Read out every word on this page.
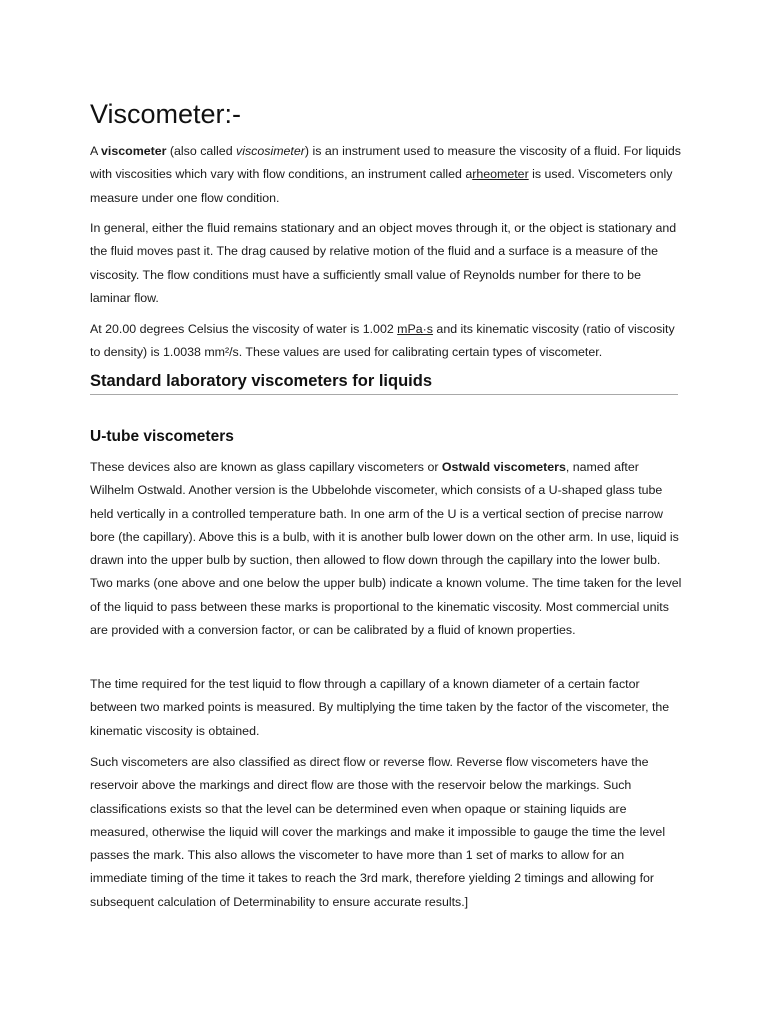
Viscometer:-

A viscometer (also called viscosimeter) is an instrument used to measure the viscosity of a fluid. For liquids with viscosities which vary with flow conditions, an instrument called arheometer is used. Viscometers only measure under one flow condition.

In general, either the fluid remains stationary and an object moves through it, or the object is stationary and the fluid moves past it. The drag caused by relative motion of the fluid and a surface is a measure of the viscosity. The flow conditions must have a sufficiently small value of Reynolds number for there to be laminar flow.

At 20.00 degrees Celsius the viscosity of water is 1.002 mPa·s and its kinematic viscosity (ratio of viscosity to density) is 1.0038 mm²/s. These values are used for calibrating certain types of viscometer.

Standard laboratory viscometers for liquids
U-tube viscometers

These devices also are known as glass capillary viscometers or Ostwald viscometers, named after Wilhelm Ostwald. Another version is the Ubbelohde viscometer, which consists of a U-shaped glass tube held vertically in a controlled temperature bath. In one arm of the U is a vertical section of precise narrow bore (the capillary). Above this is a bulb, with it is another bulb lower down on the other arm. In use, liquid is drawn into the upper bulb by suction, then allowed to flow down through the capillary into the lower bulb. Two marks (one above and one below the upper bulb) indicate a known volume. The time taken for the level of the liquid to pass between these marks is proportional to the kinematic viscosity. Most commercial units are provided with a conversion factor, or can be calibrated by a fluid of known properties.

The time required for the test liquid to flow through a capillary of a known diameter of a certain factor between two marked points is measured. By multiplying the time taken by the factor of the viscometer, the kinematic viscosity is obtained.

Such viscometers are also classified as direct flow or reverse flow. Reverse flow viscometers have the reservoir above the markings and direct flow are those with the reservoir below the markings. Such classifications exists so that the level can be determined even when opaque or staining liquids are measured, otherwise the liquid will cover the markings and make it impossible to gauge the time the level passes the mark. This also allows the viscometer to have more than 1 set of marks to allow for an immediate timing of the time it takes to reach the 3rd mark, therefore yielding 2 timings and allowing for subsequent calculation of Determinability to ensure accurate results.]
